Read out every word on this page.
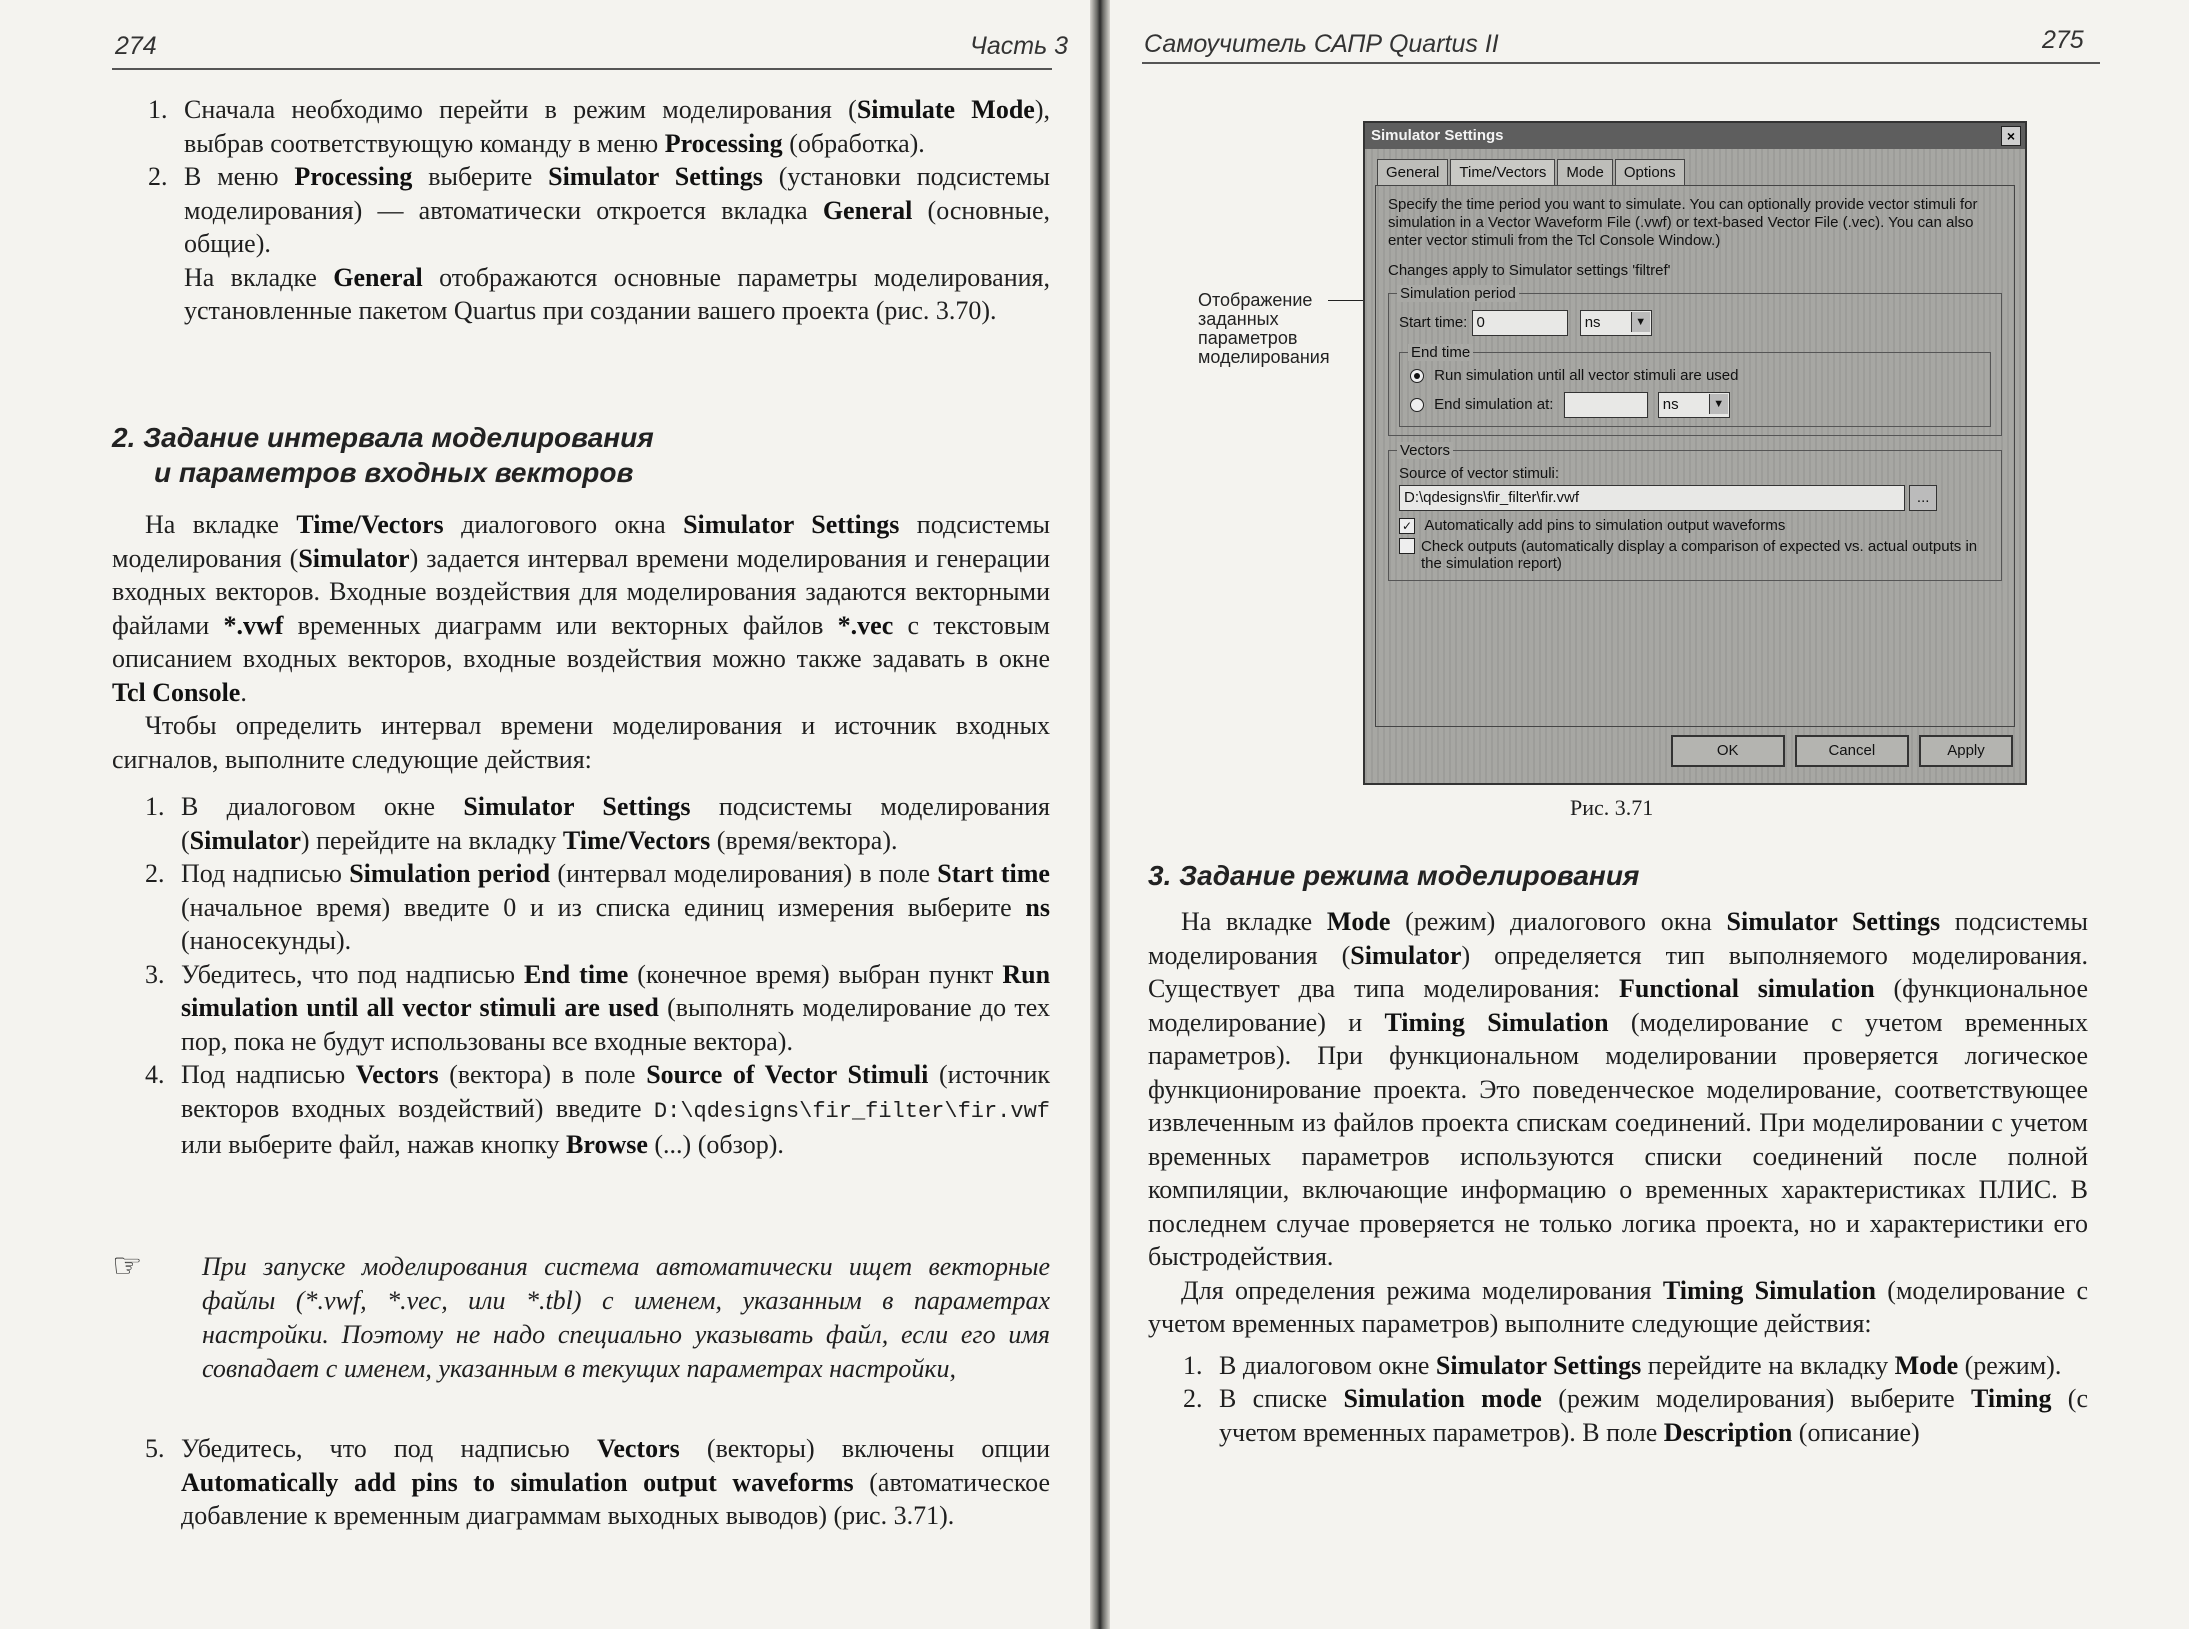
274	Часть 3
1. Сначала необходимо перейти в режим моделирования (Simulate Mode), выбрав соответствующую команду в меню Processing (обработка).
2. В меню Processing выберите Simulator Settings (установки подсистемы моделирования) — автоматически откроется вкладка General (основные, общие).

На вкладке General отображаются основные параметры моделирования, установленные пакетом Quartus при создании вашего проекта (рис. 3.70).

2. Задание интервала моделирования
и параметров входных векторов

На вкладке Time/Vectors диалогового окна Simulator Settings подсистемы моделирования (Simulator) задается интервал времени моделирования и генерации входных векторов. Входные воздействия для моделирования задаются векторными файлами *.vwf временных диаграмм или векторных файлов *.vec с текстовым описанием входных векторов, входные воздействия можно также задавать в окне Tcl Console.

Чтобы определить интервал времени моделирования и источник входных сигналов, выполните следующие действия:

1. В диалоговом окне Simulator Settings подсистемы моделирования (Simulator) перейдите на вкладку Time/Vectors (время/вектора).
2. Под надписью Simulation period (интервал моделирования) в поле Start time (начальное время) введите 0 и из списка единиц измерения выберите ns (наносекунды).
3. Убедитесь, что под надписью End time (конечное время) выбран пункт Run simulation until all vector stimuli are used (выполнять моделирование до тех пор, пока не будут использованы все входные вектора).
4. Под надписью Vectors (вектора) в поле Source of Vector Stimuli (источник векторов входных воздействий) введите D:\qdesigns\fir_filter\fir.vwf или выберите файл, нажав кнопку Browse (...) (обзор).
☞	При запуске моделирования система автоматически ищет векторные файлы (*.vwf, *.vec, или *.tbl) с именем, указанным в параметрах настройки. Поэтому не надо специально указывать файл, если его имя совпадает с именем, указанным в текущих параметрах настройки,
5. Убедитесь, что под надписью Vectors (векторы) включены опции Automatically add pins to simulation output waveforms (автоматическое добавление к временным диаграммам выходных выводов) (рис. 3.71).
Самоучитель САПР Quartus II	275
Отображение
заданных
параметров
моделирования
Simulator Settings	×
General	Time/Vectors	Mode	Options
Specify the time period you want to simulate. You can optionally provide vector stimuli for simulation in a Vector Waveform File (.vwf) or text-based Vector File (.vec). You can also enter vector stimuli from the Tcl Console Window.)
Changes apply to Simulator settings 'filtref'
Simulation period
Start time: 0	ns	▼
End time
Run simulation until all vector stimuli are used
End simulation at:	ns	▼
Vectors
Source of vector stimuli:
D:\qdesigns\fir_filter\fir.vwf	...
✓ Automatically add pins to simulation output waveforms
Check outputs (automatically display a comparison of expected vs. actual outputs in the simulation report)
OK	Cancel	Apply
Рис. 3.71
3. Задание режима моделирования

На вкладке Mode (режим) диалогового окна Simulator Settings подсистемы моделирования (Simulator) определяется тип выполняемого моделирования. Существует два типа моделирования: Functional simulation (функциональное моделирование) и Timing Simulation (моделирование с учетом временных параметров). При функциональном моделировании проверяется логическое функционирование проекта. Это поведенческое моделирование, соответствующее извлеченным из файлов проекта спискам соединений. При моделировании с учетом временных параметров используются списки соединений после полной компиляции, включающие информацию о временных характеристиках ПЛИС. В последнем случае проверяется не только логика проекта, но и характеристики его быстродействия.

Для определения режима моделирования Timing Simulation (моделирование с учетом временных параметров) выполните следующие действия:

1. В диалоговом окне Simulator Settings перейдите на вкладку Mode (режим).
2. В списке Simulation mode (режим моделирования) выберите Timing (с учетом временных параметров). В поле Description (описание)
